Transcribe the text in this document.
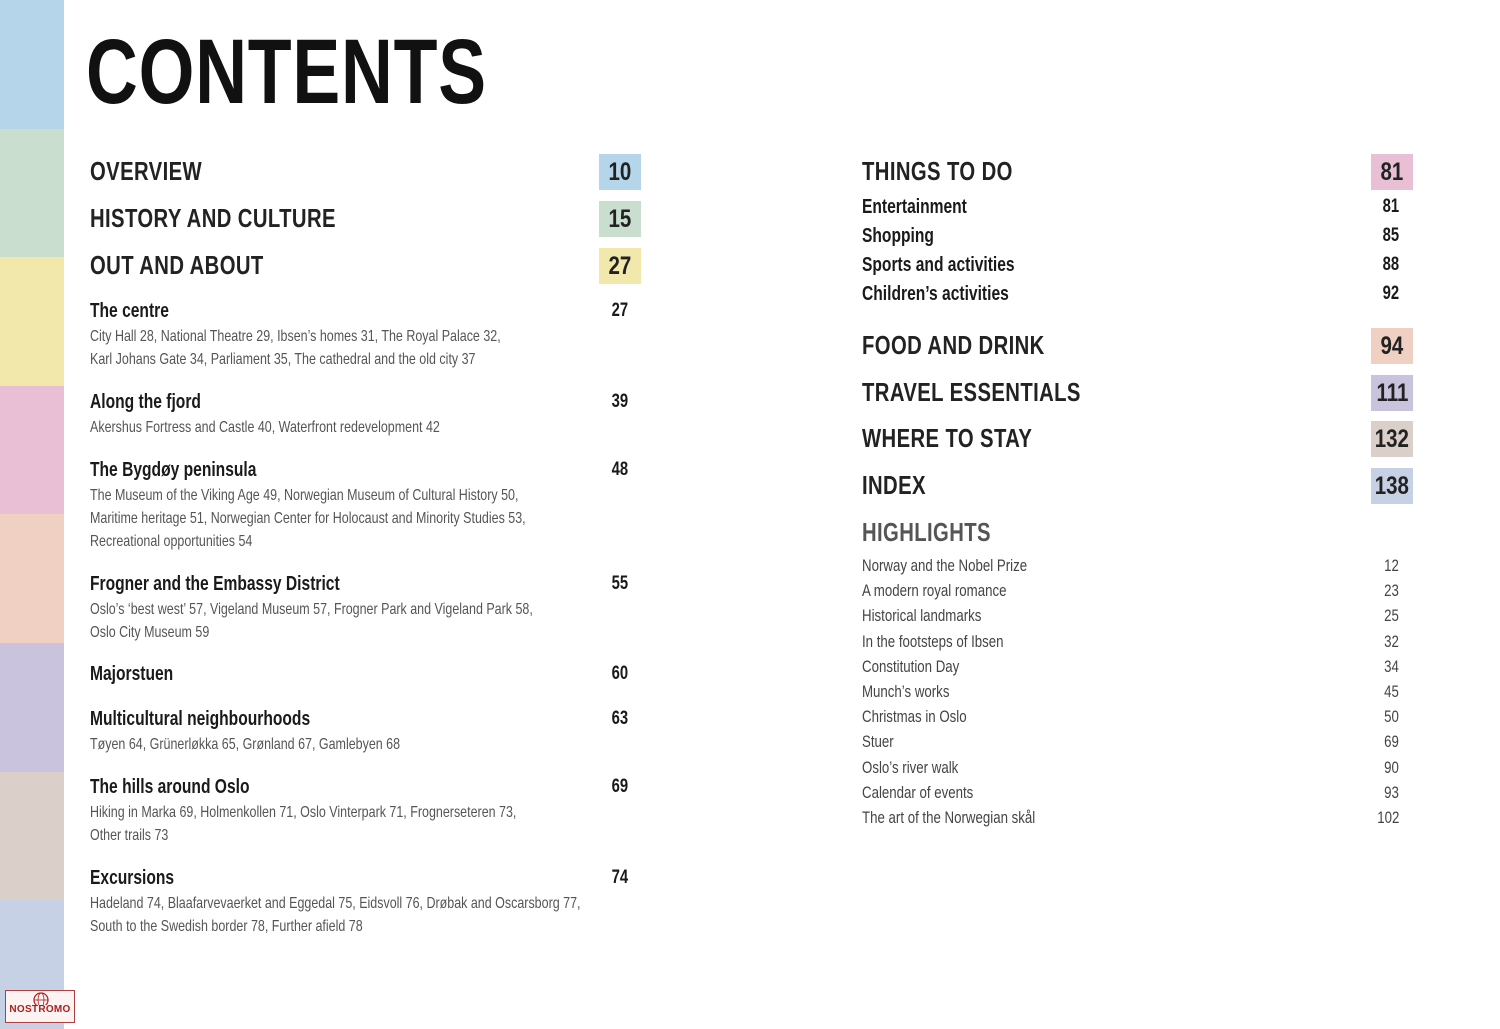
CONTENTS
OVERVIEW	10
HISTORY AND CULTURE	15
OUT AND ABOUT	27
The centre	27
City Hall 28, National Theatre 29, Ibsen’s homes 31, The Royal Palace 32,
Karl Johans Gate 34, Parliament 35, The cathedral and the old city 37
Along the fjord	39
Akershus Fortress and Castle 40, Waterfront redevelopment 42
The Bygdøy peninsula	48
The Museum of the Viking Age 49, Norwegian Museum of Cultural History 50,
Maritime heritage 51, Norwegian Center for Holocaust and Minority Studies 53,
Recreational opportunities 54
Frogner and the Embassy District	55
Oslo’s ‘best west’ 57, Vigeland Museum 57, Frogner Park and Vigeland Park 58,
Oslo City Museum 59
Majorstuen	60
Multicultural neighbourhoods	63
Tøyen 64, Grünerløkka 65, Grønland 67, Gamlebyen 68
The hills around Oslo	69
Hiking in Marka 69, Holmenkollen 71, Oslo Vinterpark 71, Frognerseteren 73,
Other trails 73
Excursions	74
Hadeland 74, Blaafarvevaerket and Eggedal 75, Eidsvoll 76, Drøbak and Oscarsborg 77,
South to the Swedish border 78, Further afield 78
THINGS TO DO	81
Entertainment	81
Shopping	85
Sports and activities	88
Children’s activities	92
FOOD AND DRINK	94
TRAVEL ESSENTIALS	111
WHERE TO STAY	132
INDEX	138
HIGHLIGHTS
Norway and the Nobel Prize	12
A modern royal romance	23
Historical landmarks	25
In the footsteps of Ibsen	32
Constitution Day	34
Munch’s works	45
Christmas in Oslo	50
Stuer	69
Oslo’s river walk	90
Calendar of events	93
The art of the Norwegian skål	102
NOSTROMO
